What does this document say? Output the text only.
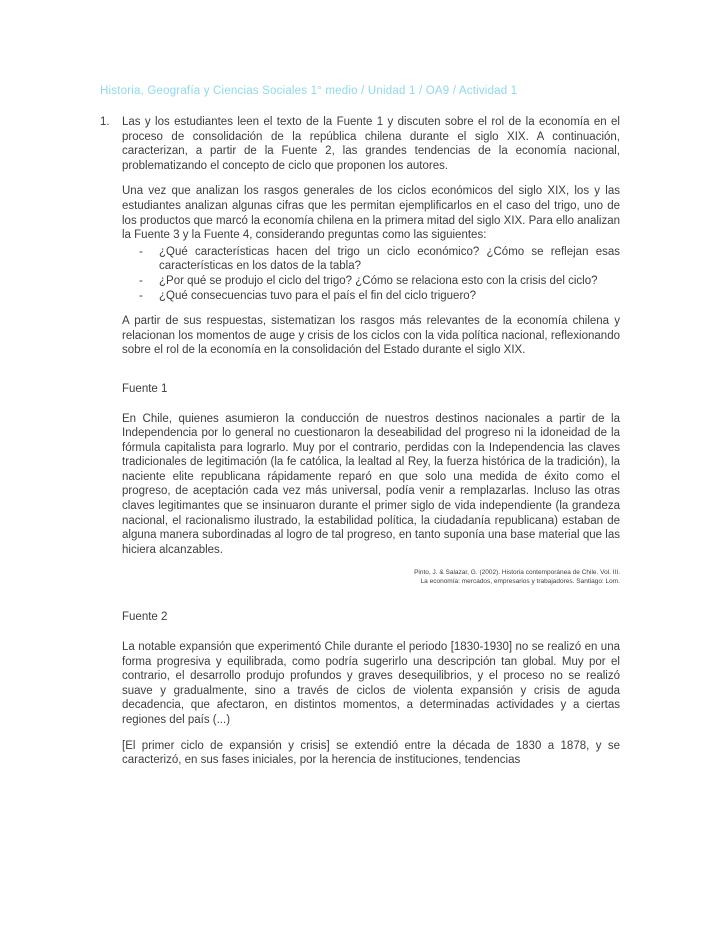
Historia, Geografía y Ciencias Sociales 1° medio / Unidad 1 / OA9 / Actividad 1
1.	Las y los estudiantes leen el texto de la Fuente 1 y discuten sobre el rol de la economía en el proceso de consolidación de la república chilena durante el siglo XIX. A continuación, caracterizan, a partir de la Fuente 2, las grandes tendencias de la economía nacional, problematizando el concepto de ciclo que proponen los autores.

Una vez que analizan los rasgos generales de los ciclos económicos del siglo XIX, los y las estudiantes analizan algunas cifras que les permitan ejemplificarlos en el caso del trigo, uno de los productos que marcó la economía chilena en la primera mitad del siglo XIX. Para ello analizan la Fuente 3 y la Fuente 4, considerando preguntas como las siguientes:

-	¿Qué características hacen del trigo un ciclo económico? ¿Cómo se reflejan esas características en los datos de la tabla?
-	¿Por qué se produjo el ciclo del trigo? ¿Cómo se relaciona esto con la crisis del ciclo?
-	¿Qué consecuencias tuvo para el país el fin del ciclo triguero?

A partir de sus respuestas, sistematizan los rasgos más relevantes de la economía chilena y relacionan los momentos de auge y crisis de los ciclos con la vida política nacional, reflexionando sobre el rol de la economía en la consolidación del Estado durante el siglo XIX.

Fuente 1

En Chile, quienes asumieron la conducción de nuestros destinos nacionales a partir de la Independencia por lo general no cuestionaron la deseabilidad del progreso ni la idoneidad de la fórmula capitalista para lograrlo. Muy por el contrario, perdidas con la Independencia las claves tradicionales de legitimación (la fe católica, la lealtad al Rey, la fuerza histórica de la tradición), la naciente elite republicana rápidamente reparó en que solo una medida de éxito como el progreso, de aceptación cada vez más universal, podía venir a remplazarlas. Incluso las otras claves legitimantes que se insinuaron durante el primer siglo de vida independiente (la grandeza nacional, el racionalismo ilustrado, la estabilidad política, la ciudadanía republicana) estaban de alguna manera subordinadas al logro de tal progreso, en tanto suponía una base material que las hiciera alcanzables.

Pinto, J. & Salazar, G. (2002). Historia contemporánea de Chile. Vol. III.
La economía: mercados, empresarios y trabajadores. Santiago: Lom.
Fuente 2

La notable expansión que experimentó Chile durante el periodo [1830-1930] no se realizó en una forma progresiva y equilibrada, como podría sugerirlo una descripción tan global. Muy por el contrario, el desarrollo produjo profundos y graves desequilibrios, y el proceso no se realizó suave y gradualmente, sino a través de ciclos de violenta expansión y crisis de aguda decadencia, que afectaron, en distintos momentos, a determinadas actividades y a ciertas regiones del país (...)

[El primer ciclo de expansión y crisis] se extendió entre la década de 1830 a 1878, y se caracterizó, en sus fases iniciales, por la herencia de instituciones, tendencias
